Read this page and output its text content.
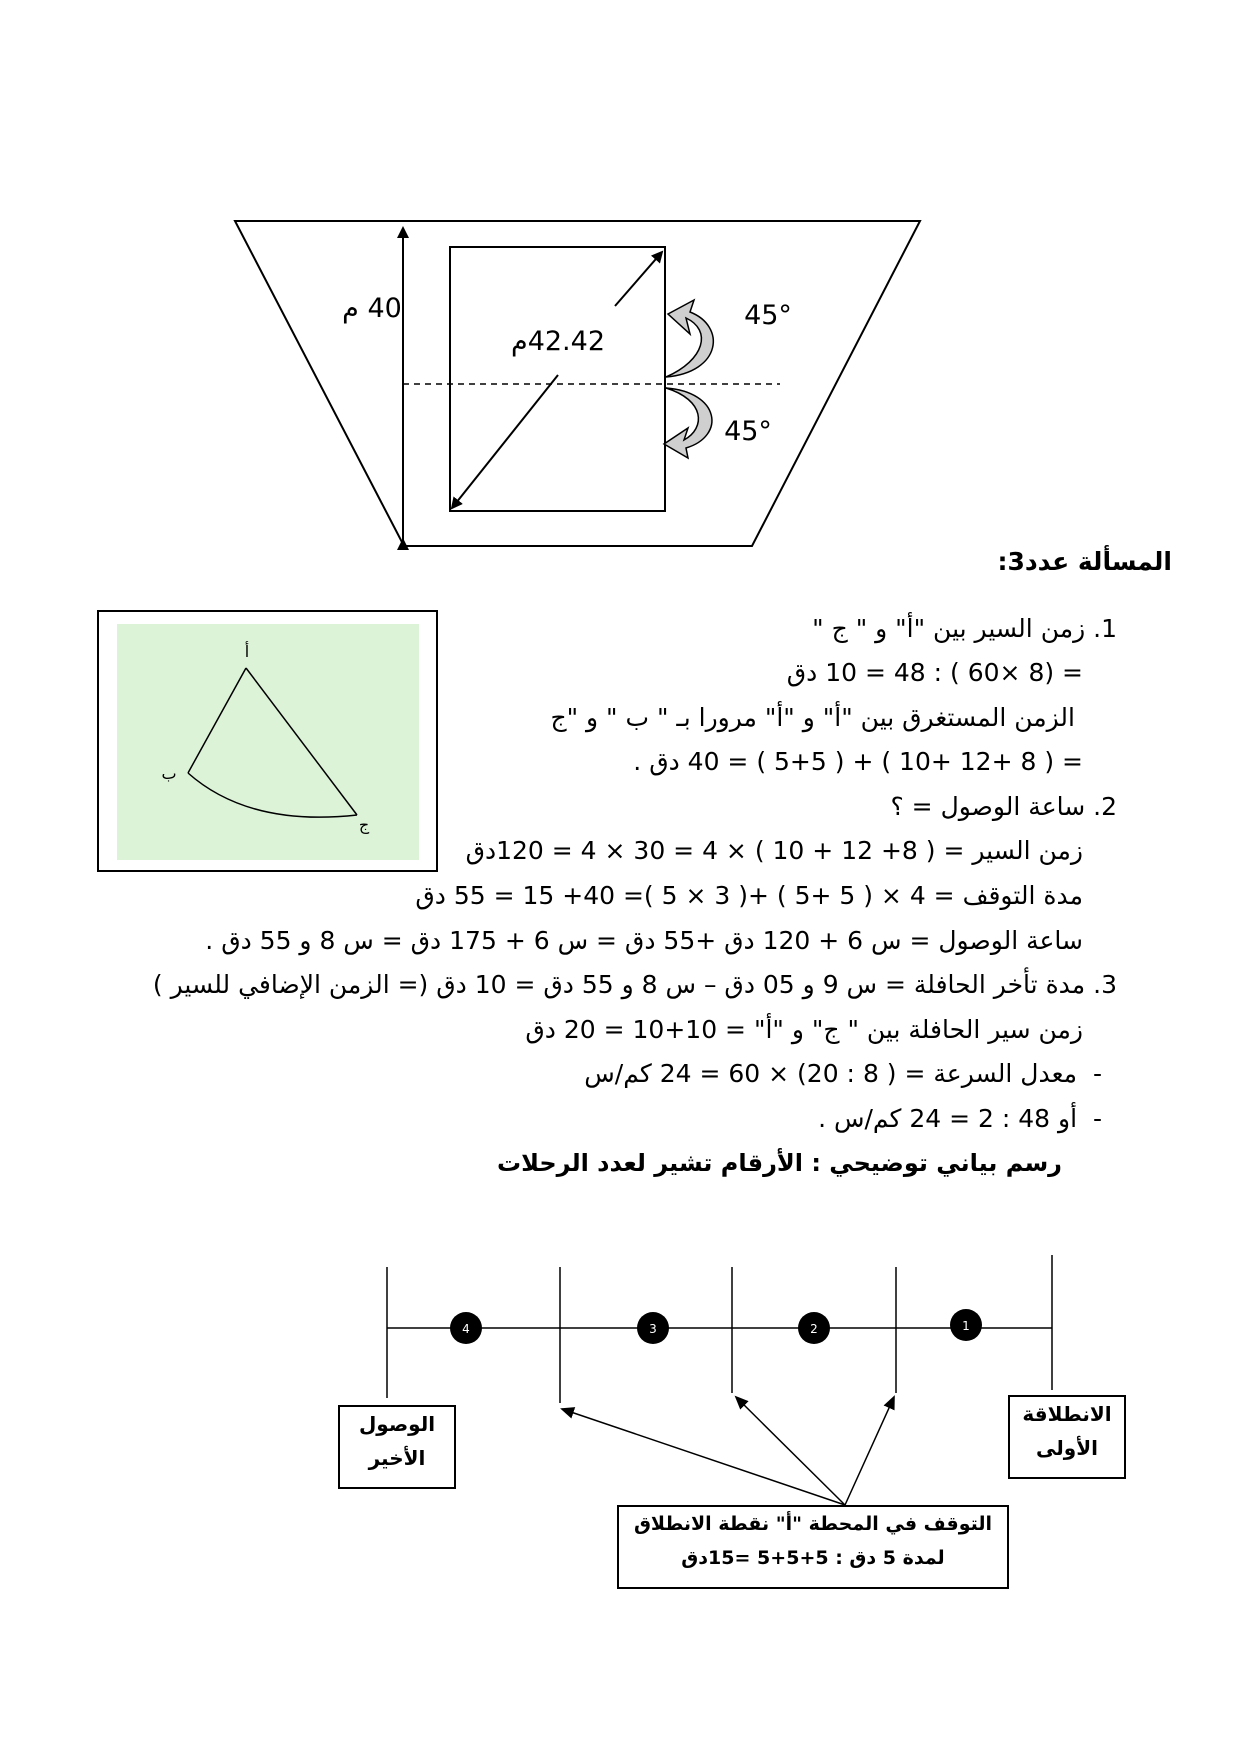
40 م
42.42م
45°
45°
المسألة عدد3:
أ
ب
ج
1. زمن السير بين "أ" و " ج "
= (8 ×60 ) : 48 = 10 دق
الزمن المستغرق بين "أ" و "أ" مرورا بـ " ب " و "ج
= ( 8 +12 +10 ) + ( 5+5 ) = 40 دق .
2. ساعة الوصول = ؟
زمن السير = ( 8+ 12 + 10 ) × 4 = 30 × 4 = 120دق
مدة التوقف = 4 × ( 5 +5 ) +( 3 × 5 )= 40+ 15 = 55 دق
ساعة الوصول = س 6 + 120 دق +55 دق = س 6 + 175 دق = س 8 و 55 دق .
3. مدة تأخر الحافلة = س 9 و 05 دق – س 8 و 55 دق = 10 دق (= الزمن الإضافي للسير )
زمن سير الحافلة بين " ج" و "أ" = 10+10 = 20 دق
-  معدل السرعة = ( 8 : 20) × 60 = 24 كم/س
-  أو 48 : 2 = 24 كم/س .
رسم بياني توضيحي : الأرقام تشير لعدد الرحلات
4	3	2	1
الانطلاقة
الأولى
الوصول
الأخير
التوقف في المحطة "أ" نقطة الانطلاق
لمدة 5 دق : 5+5+5 =15دق
